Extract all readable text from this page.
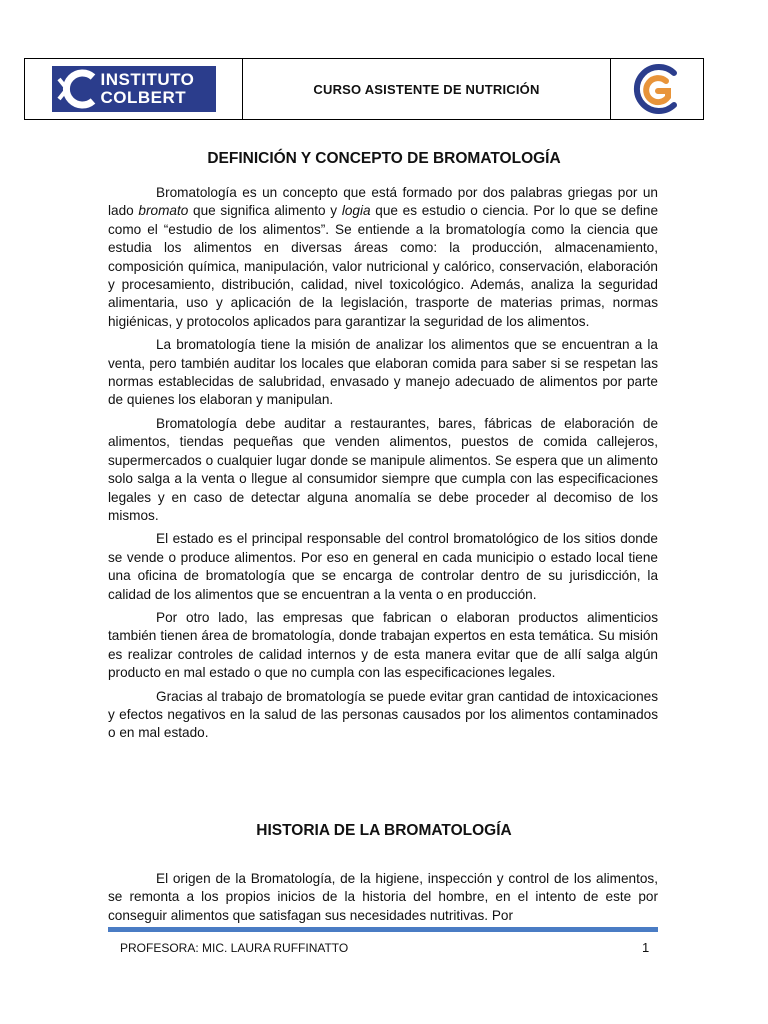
INSTITUTO
COLBERT	CURSO ASISTENTE DE NUTRICIÓN
DEFINICIÓN Y CONCEPTO DE BROMATOLOGÍA

Bromatología es un concepto que está formado por dos palabras griegas por un lado bromato que significa alimento y logia que es estudio o ciencia. Por lo que se define como el “estudio de los alimentos”. Se entiende a la bromatología como la ciencia que estudia los alimentos en diversas áreas como: la producción, almacenamiento, composición química, manipulación, valor nutricional y calórico, conservación, elaboración y procesamiento, distribución, calidad, nivel toxicológico. Además, analiza la seguridad alimentaria, uso y aplicación de la legislación, trasporte de materias primas, normas higiénicas, y protocolos aplicados para garantizar la seguridad de los alimentos.

La bromatología tiene la misión de analizar los alimentos que se encuentran a la venta, pero también auditar los locales que elaboran comida para saber si se respetan las normas establecidas de salubridad, envasado y manejo adecuado de alimentos por parte de quienes los elaboran y manipulan.

Bromatología debe auditar a restaurantes, bares, fábricas de elaboración de alimentos, tiendas pequeñas que venden alimentos, puestos de comida callejeros, supermercados o cualquier lugar donde se manipule alimentos. Se espera que un alimento solo salga a la venta o llegue al consumidor siempre que cumpla con las especificaciones legales y en caso de detectar alguna anomalía se debe proceder al decomiso de los mismos.

El estado es el principal responsable del control bromatológico de los sitios donde se vende o produce alimentos. Por eso en general en cada municipio o estado local tiene una oficina de bromatología que se encarga de controlar dentro de su jurisdicción, la calidad de los alimentos que se encuentran a la venta o en producción.

Por otro lado, las empresas que fabrican o elaboran productos alimenticios también tienen área de bromatología, donde trabajan expertos en esta temática. Su misión es realizar controles de calidad internos y de esta manera evitar que de allí salga algún producto en mal estado o que no cumpla con las especificaciones legales.

Gracias al trabajo de bromatología se puede evitar gran cantidad de intoxicaciones y efectos negativos en la salud de las personas causados por los alimentos contaminados o en mal estado.

HISTORIA DE LA BROMATOLOGÍA

El origen de la Bromatología, de la higiene, inspección y control de los alimentos, se remonta a los propios inicios de la historia del hombre, en el intento de este por conseguir alimentos que satisfagan sus necesidades nutritivas. Por

PROFESORA: MIC. LAURA RUFFINATTO	1
